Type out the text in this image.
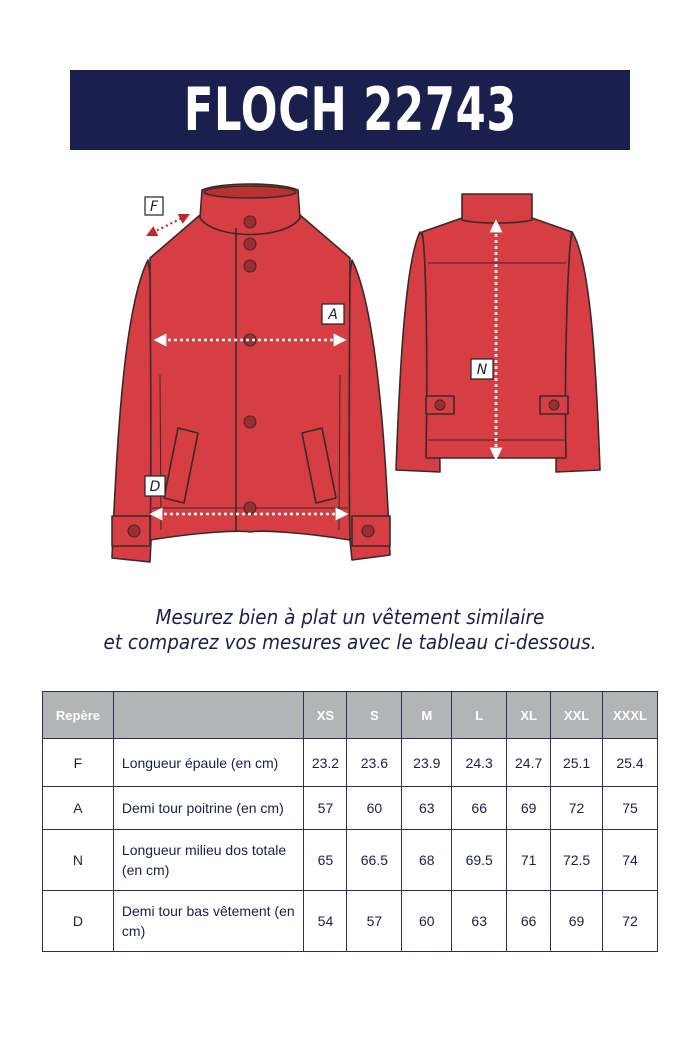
FLOCH 22743
F
A
D
N
Mesurez bien à plat un vêtement similaire
et comparez vos mesures avec le tableau ci-dessous.
Repère		XS	S	M	L	XL	XXL	XXXL
F	Longueur épaule (en cm)	23.2	23.6	23.9	24.3	24.7	25.1	25.4
A	Demi tour poitrine (en cm)	57	60	63	66	69	72	75
N	Longueur milieu dos totale (en cm)	65	66.5	68	69.5	71	72.5	74
D	Demi tour bas vêtement (en cm)	54	57	60	63	66	69	72
